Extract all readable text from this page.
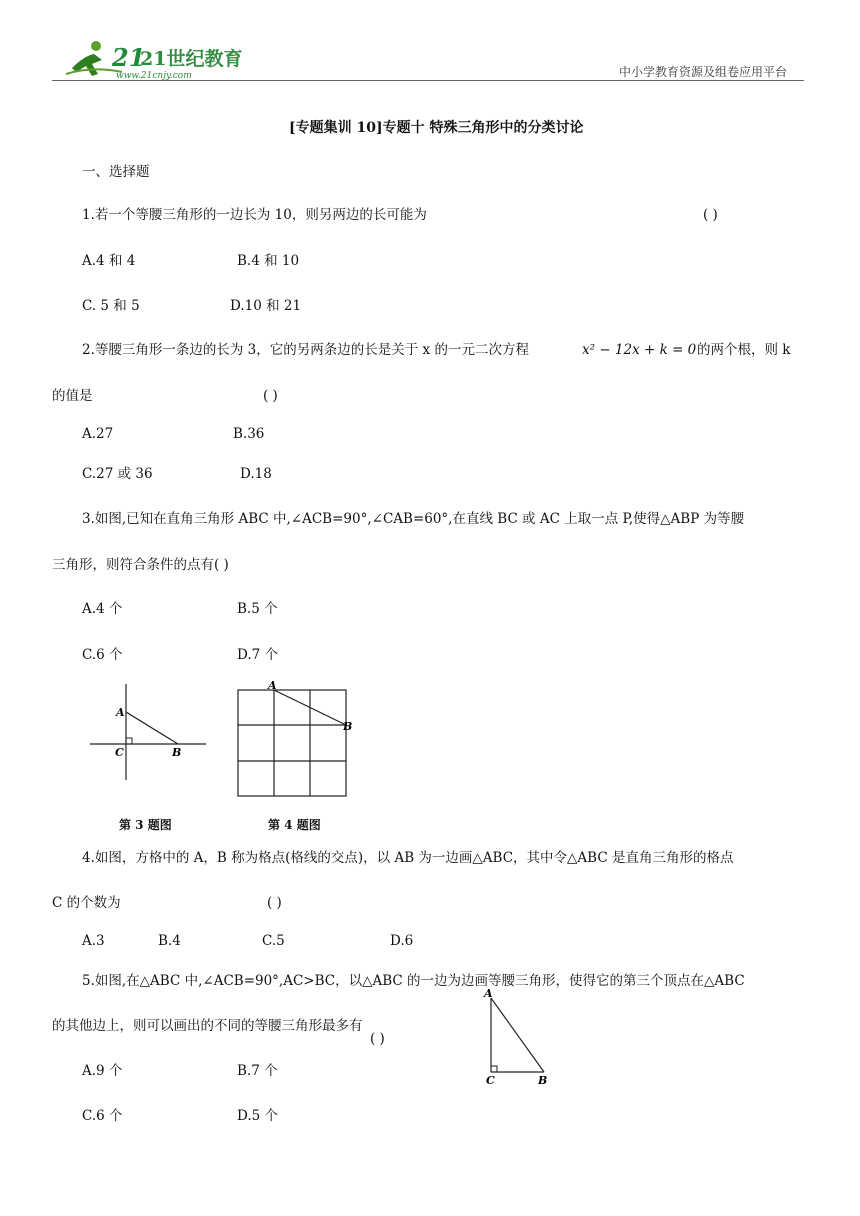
21
21世纪教育
www.21cnjy.com	中小学教育资源及组卷应用平台
[专题集训 10]专题十 特殊三角形中的分类讨论
一、选择题
1.若一个等腰三角形的一边长为 10，则另两边的长可能为	( )
A.4 和 4	B.4 和 10
C. 5 和 5	D.10 和 21
2.等腰三角形一条边的长为 3，它的另两条边的长是关于 x 的一元二次方程	x² − 12x + k = 0 的两个根，则 k
的值是	( )
A.27	B.36
C.27 或 36	D.18
3.如图,已知在直角三角形 ABC 中,∠ACB=90°,∠CAB=60°,在直线 BC 或 AC 上取一点 P,使得△ABP 为等腰
三角形，则符合条件的点有( )
A.4 个	B.5 个
C.6 个	D.7 个
A
C	B
第 3 题图
A
B
第 4 题图
4.如图，方格中的 A，B 称为格点(格线的交点)，以 AB 为一边画△ABC，其中令△ABC 是直角三角形的格点
C 的个数为	( )
A.3	B.4	C.5	D.6
5.如图,在△ABC 中,∠ACB=90°,AC>BC，以△ABC 的一边为边画等腰三角形，使得它的第三个顶点在△ABC
的其他边上，则可以画出的不同的等腰三角形最多有
( )
A.9 个	B.7 个
C.6 个	D.5 个
A
C	B
